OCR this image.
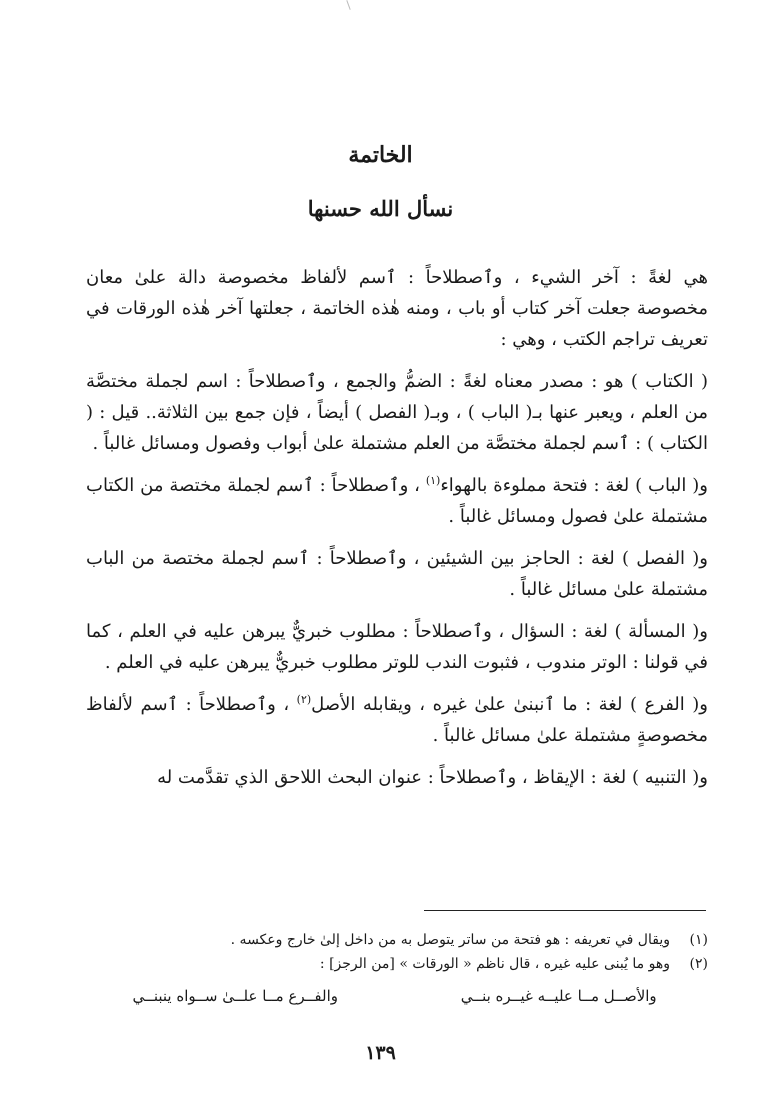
الخاتمة
نسأل الله حسنها

هي لغةً : آخر الشيء ، وٱصطلاحاً : ٱسم لألفاظ مخصوصة دالة علىٰ معان مخصوصة جعلت آخر كتاب أو باب ، ومنه هٰذه الخاتمة ، جعلتها آخر هٰذه الورقات في تعريف تراجم الكتب ، وهي :

( الكتاب ) هو : مصدر معناه لغةً : الضمُّ والجمع ، وٱصطلاحاً : اسم لجملة مختصَّة من العلم ، ويعبر عنها بـ( الباب ) ، وبـ( الفصل ) أيضاً ، فإن جمع بين الثلاثة.. قيل : ( الكتاب ) : ٱسم لجملة مختصَّة من العلم مشتملة علىٰ أبواب وفصول ومسائل غالباً .

و( الباب ) لغة : فتحة مملوءة بالهواء$^{(١)}$ ، وٱصطلاحاً : ٱسم لجملة مختصة من الكتاب مشتملة علىٰ فصول ومسائل غالباً .

و( الفصل ) لغة : الحاجز بين الشيئين ، وٱصطلاحاً : ٱسم لجملة مختصة من الباب مشتملة علىٰ مسائل غالباً .

و( المسألة ) لغة : السؤال ، وٱصطلاحاً : مطلوب خبريٌّ يبرهن عليه في العلم ، كما في قولنا : الوتر مندوب ، فثبوت الندب للوتر مطلوب خبريٌّ يبرهن عليه في العلم .

و( الفرع ) لغة : ما ٱنبنىٰ علىٰ غيره ، ويقابله الأصل$^{(٢)}$ ، وٱصطلاحاً : ٱسم لألفاظ مخصوصةٍ مشتملة علىٰ مسائل غالباً .

و( التنبيه ) لغة : الإيقاظ ، وٱصطلاحاً : عنوان البحث اللاحق الذي تقدَّمت له

(١)
ويقال في تعريفه : هو فتحة من ساتر يتوصل به من داخل إلىٰ خارج وعكسه .
(٢)
وهو ما يُبنى عليه غيره ، قال ناظم « الورقات » [من الرجز] :
والأصــل مــا عليــه غيــره بنــي
والفــرع مــا علــىٰ ســواه ينبنــي
١٣٩
